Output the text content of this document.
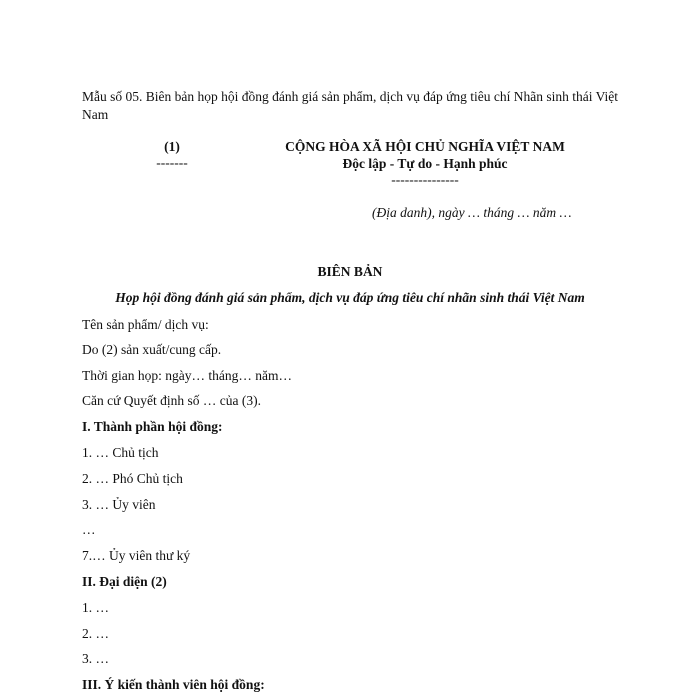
Mẫu số 05. Biên bản họp hội đồng đánh giá sản phẩm, dịch vụ đáp ứng tiêu chí Nhãn sinh thái Việt Nam
(1)
-------
CỘNG HÒA XÃ HỘI CHỦ NGHĨA VIỆT NAM
Độc lập - Tự do - Hạnh phúc
---------------
(Địa danh), ngày … tháng … năm …
BIÊN BẢN
Họp hội đồng đánh giá sản phẩm, dịch vụ đáp ứng tiêu chí nhãn sinh thái Việt Nam
Tên sản phẩm/ dịch vụ:
Do (2) sản xuất/cung cấp.
Thời gian họp: ngày… tháng… năm…
Căn cứ Quyết định số … của (3).
I. Thành phần hội đồng:
1. … Chủ tịch
2. … Phó Chủ tịch
3. … Ủy viên
…
7.… Ủy viên thư ký
II. Đại diện (2)
1. …
2. …
3. …
III. Ý kiến thành viên hội đồng:
